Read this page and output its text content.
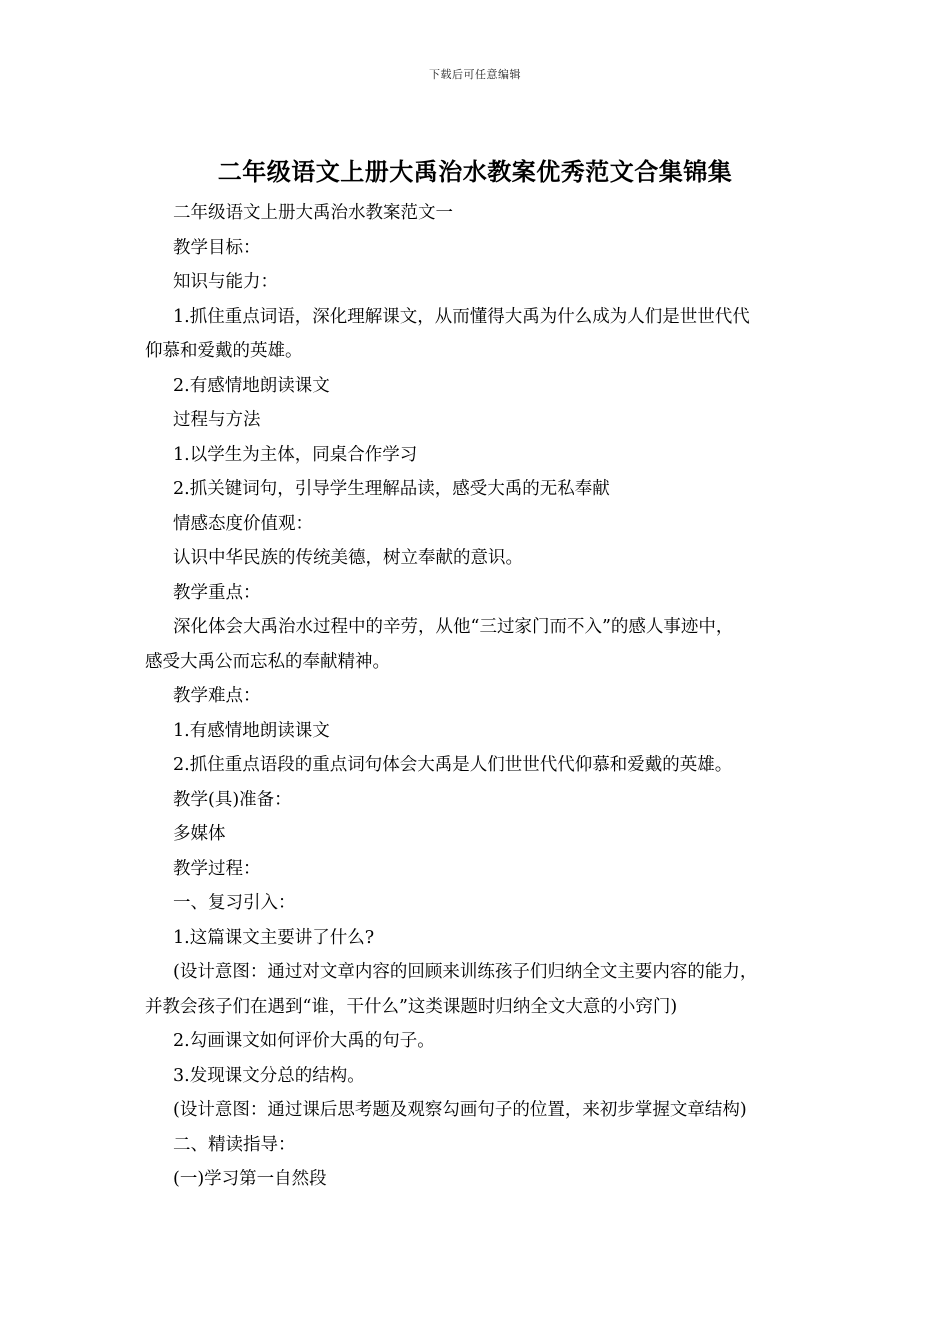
下载后可任意编辑
二年级语文上册大禹治水教案优秀范文合集锦集
二年级语文上册大禹治水教案范文一
教学目标：
知识与能力：
1.抓住重点词语，深化理解课文，从而懂得大禹为什么成为人们是世世代代
仰慕和爱戴的英雄。
2.有感情地朗读课文
过程与方法
1.以学生为主体，同桌合作学习
2.抓关键词句，引导学生理解品读，感受大禹的无私奉献
情感态度价值观：
认识中华民族的传统美德，树立奉献的意识。
教学重点：
深化体会大禹治水过程中的辛劳，从他“三过家门而不入”的感人事迹中，
感受大禹公而忘私的奉献精神。
教学难点：
1.有感情地朗读课文
2.抓住重点语段的重点词句体会大禹是人们世世代代仰慕和爱戴的英雄。
教学(具)准备：
多媒体
教学过程：
一、复习引入：
1.这篇课文主要讲了什么?
(设计意图：通过对文章内容的回顾来训练孩子们归纳全文主要内容的能力，
并教会孩子们在遇到“谁，干什么”这类课题时归纳全文大意的小窍门)
2.勾画课文如何评价大禹的句子。
3.发现课文分总的结构。
(设计意图：通过课后思考题及观察勾画句子的位置，来初步掌握文章结构)
二、精读指导：
(一)学习第一自然段
